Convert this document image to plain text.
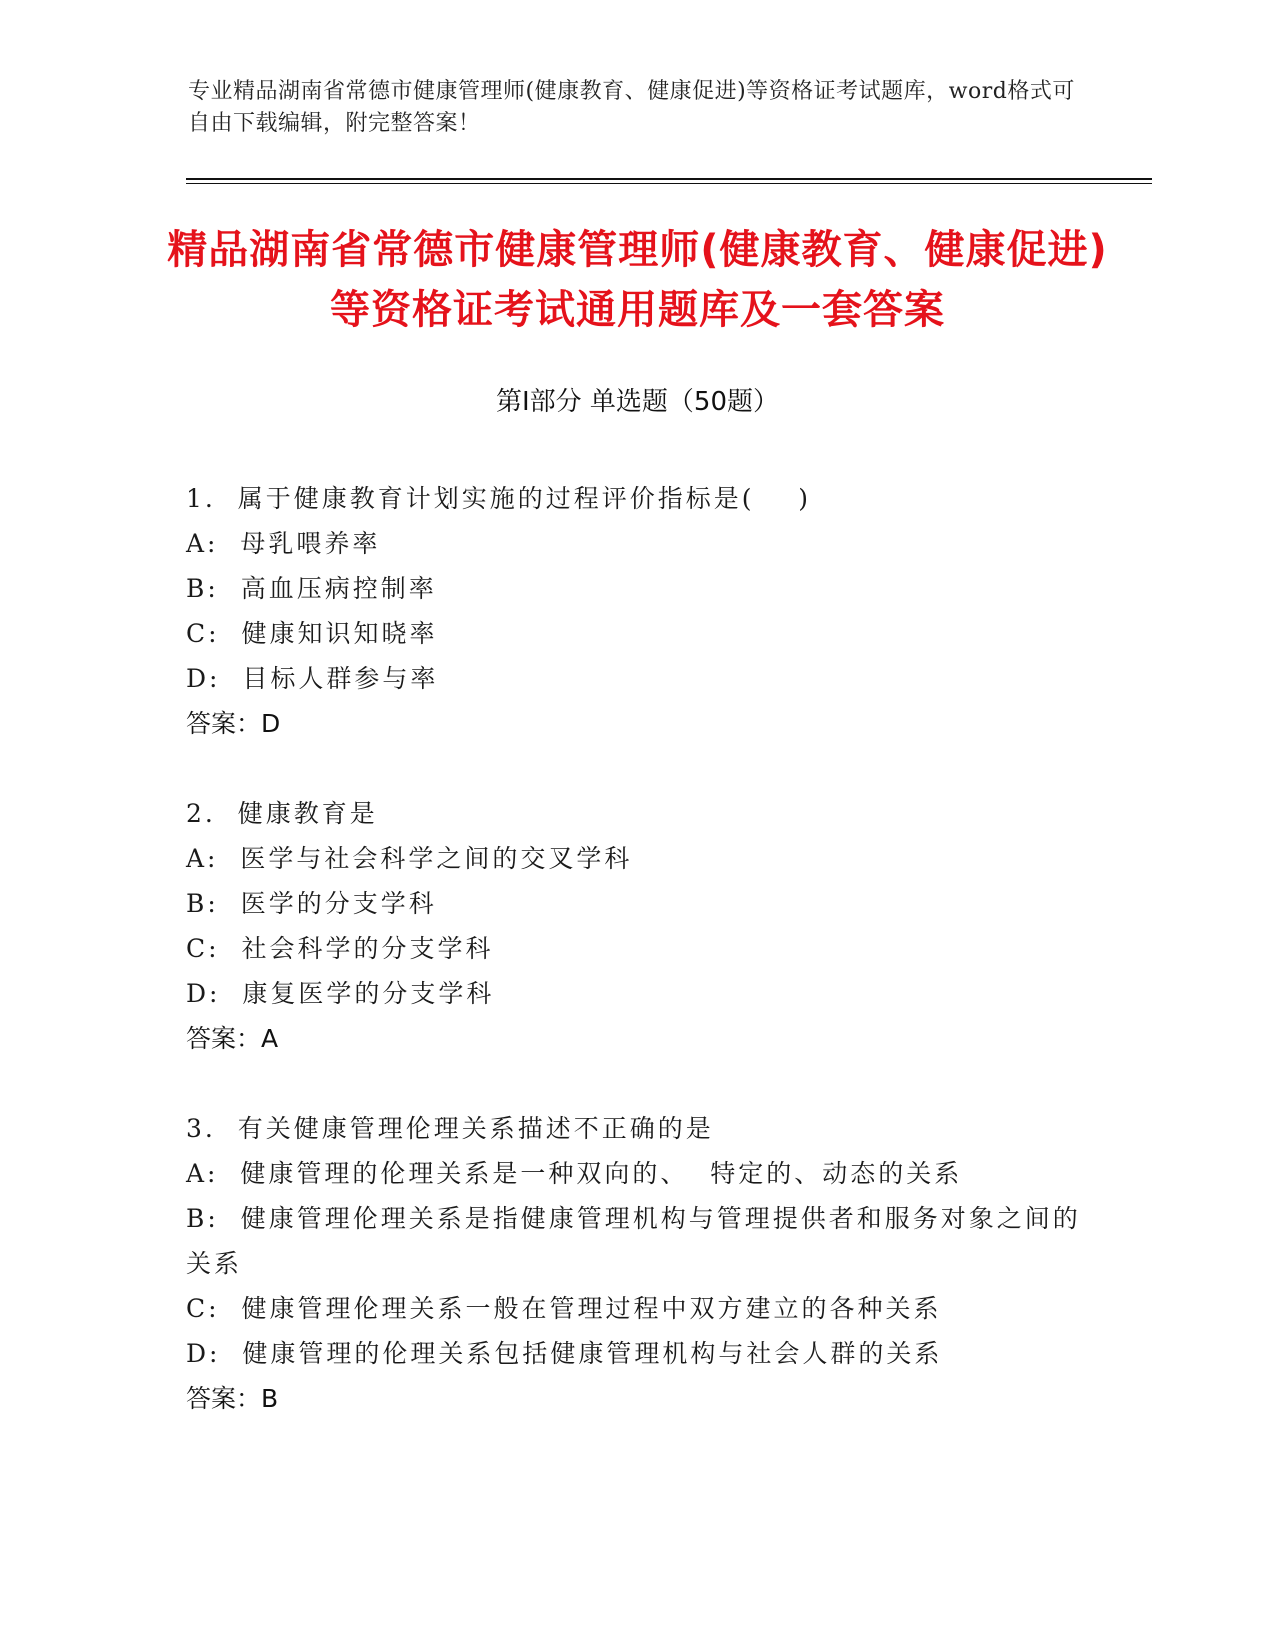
专业精品湖南省常德市健康管理师(健康教育、健康促进)等资格证考试题库，word格式可自由下载编辑，附完整答案！
精品湖南省常德市健康管理师(健康教育、健康促进)等资格证考试通用题库及一套答案
第Ⅰ部分 单选题（50题）
1.  属于健康教育计划实施的过程评价指标是(    )
A:  母乳喂养率
B:  高血压病控制率
C:  健康知识知晓率
D:  目标人群参与率
答案：D
2.  健康教育是
A:  医学与社会科学之间的交叉学科
B:  医学的分支学科
C:  社会科学的分支学科
D:  康复医学的分支学科
答案：A
3.  有关健康管理伦理关系描述不正确的是
A:  健康管理的伦理关系是一种双向的、  特定的、动态的关系
B:  健康管理伦理关系是指健康管理机构与管理提供者和服务对象之间的关系
C:  健康管理伦理关系一般在管理过程中双方建立的各种关系
D:  健康管理的伦理关系包括健康管理机构与社会人群的关系
答案：B
